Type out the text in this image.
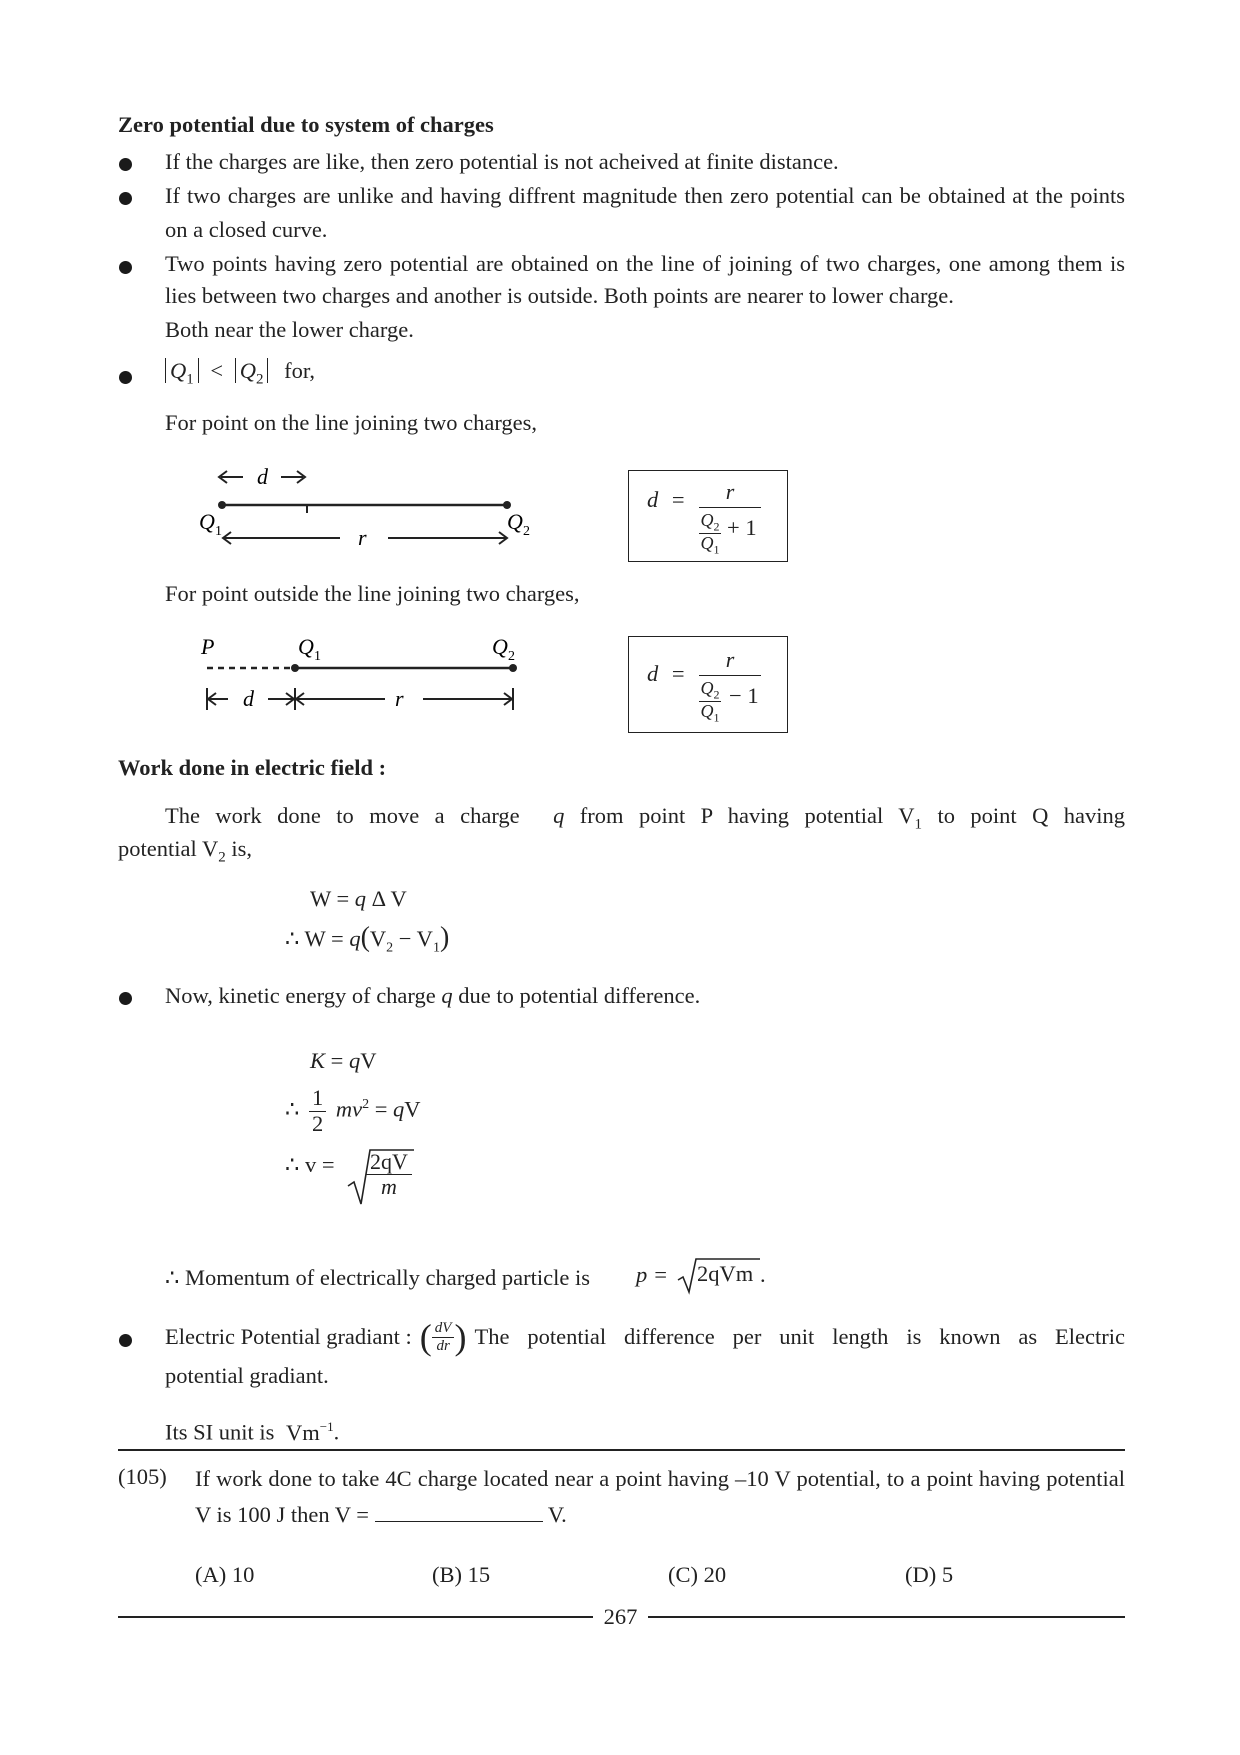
Zero potential due to system of charges
If the charges are like, then zero potential is not acheived at finite distance.
If two charges are unlike and having diffrent magnitude then zero potential can be obtained at the points on a closed curve.
Two points having zero potential are obtained on the line of joining of two charges, one among them is lies between two charges and another is outside. Both points are nearer to lower charge.
Both near the lower charge.
$Q_1 < Q_2$ for,
For point on the line joining two charges,
d
Q 1	Q 2
r
d =	r
$Q_2$
$Q_1$
+ 1
For point outside the line joining two charges,
P	Q 1	Q 2
d	r
d =
r
$Q_2$
$Q_1$
− 1
Work done in electric field :
The work done to move a charge q from point P having potential $V_1$ to point Q having
potential $V_2$ is,
W = q Δ V
∴ $W = q(V_2 - V_1)$
Now, kinetic energy of charge q due to potential difference.
K = qV
∴ $\frac{1}{2} mv^2$ = qV
∴ $v = \frac{2qV}{m}$
∴ Momentum of electrically charged particle is p = 2qVm .
Electric Potential gradiant : ( $\frac{dV}{dr}$ ) The potential difference per unit length is known as Electric
potential gradiant.
Its SI unit is $Vm^{-1}$.
(105) If work done to take 4C charge located near a point having –10 V potential, to a point having potential V is 100 J then V =	V.
(A) 10	(B) 15	(C) 20	(D) 5
267
